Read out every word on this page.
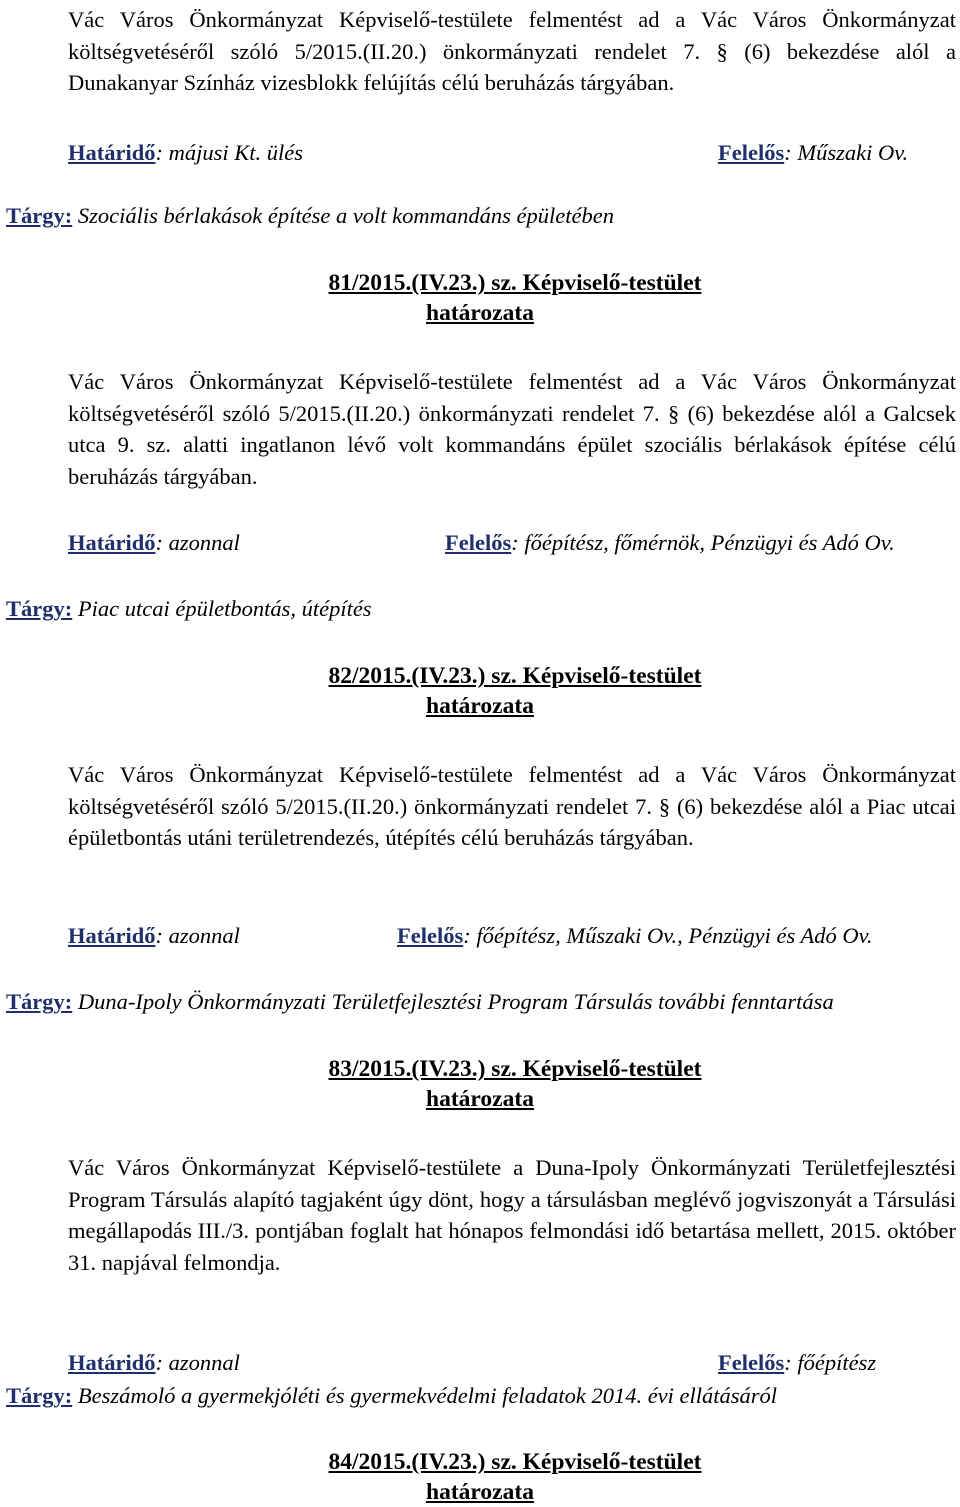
Vác Város Önkormányzat Képviselő-testülete felmentést ad a Vác Város Önkormányzat költségvetéséről szóló 5/2015.(II.20.) önkormányzati rendelet 7. § (6) bekezdése alól a Dunakanyar Színház vizesblokk felújítás célú beruházás tárgyában.
Határidő: májusi Kt. ülés	Felelős: Műszaki Ov.
Tárgy: Szociális bérlakások építése a volt kommandáns épületében
81/2015.(IV.23.) sz. Képviselő-testület
határozata
Vác Város Önkormányzat Képviselő-testülete felmentést ad a Vác Város Önkormányzat költségvetéséről szóló 5/2015.(II.20.) önkormányzati rendelet 7. § (6) bekezdése alól a Galcsek utca 9. sz. alatti ingatlanon lévő volt kommandáns épület szociális bérlakások építése célú beruházás tárgyában.
Határidő: azonnal	Felelős: főépítész, főmérnök, Pénzügyi és Adó Ov.
Tárgy: Piac utcai épületbontás, útépítés
82/2015.(IV.23.) sz. Képviselő-testület
határozata
Vác Város Önkormányzat Képviselő-testülete felmentést ad a Vác Város Önkormányzat költségvetéséről szóló 5/2015.(II.20.) önkormányzati rendelet 7. § (6) bekezdése alól a Piac utcai épületbontás utáni területrendezés, útépítés célú beruházás tárgyában.
Határidő: azonnal	Felelős: főépítész, Műszaki Ov., Pénzügyi és Adó Ov.
Tárgy: Duna-Ipoly Önkormányzati Területfejlesztési Program Társulás további fenntartása
83/2015.(IV.23.) sz. Képviselő-testület
határozata
Vác Város Önkormányzat Képviselő-testülete a Duna-Ipoly Önkormányzati Területfejlesztési Program Társulás alapító tagjaként úgy dönt, hogy a társulásban meglévő jogviszonyát a Társulási megállapodás III./3. pontjában foglalt hat hónapos felmondási idő betartása mellett, 2015. október 31. napjával felmondja.
Határidő: azonnal	Felelős: főépítész
Tárgy: Beszámoló a gyermekjóléti és gyermekvédelmi feladatok 2014. évi ellátásáról
84/2015.(IV.23.) sz. Képviselő-testület
határozata
